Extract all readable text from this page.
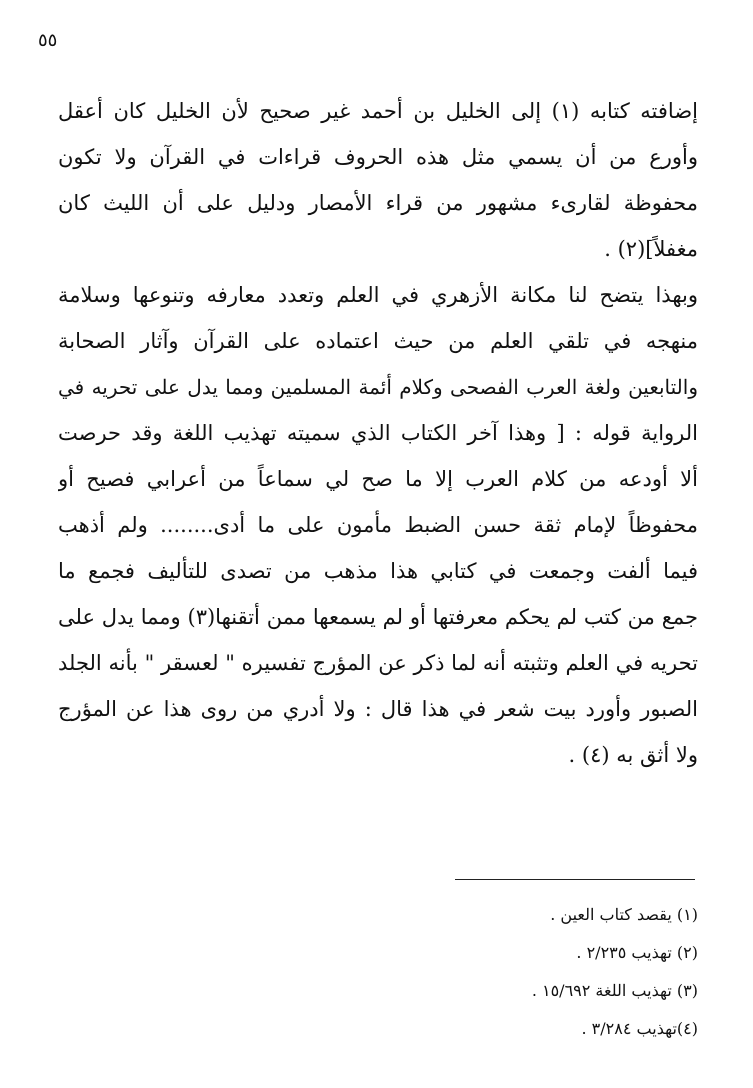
٥٥
إضافته كتابه (١) إلى الخليل بن أحمد غير صحيح لأن الخليل كان أعقل
وأورع من أن يسمي مثل هذه الحروف قراءات في القرآن ولا تكون
محفوظة لقارىء مشهور من قراء الأمصار ودليل على أن الليث كان
مغفلاً](٢) .
وبهذا يتضح لنا مكانة الأزهري في العلم وتعدد معارفه وتنوعها وسلامة
منهجه في تلقي العلم من حيث اعتماده على القرآن وآثار الصحابة
والتابعين ولغة العرب الفصحى وكلام أئمة المسلمين ومما يدل على تحريه في
الرواية قوله : [ وهذا آخر الكتاب الذي سميته تهذيب اللغة وقد حرصت
ألا أودعه من كلام العرب إلا ما صح لي سماعاً من أعرابي فصيح أو
محفوظاً لإمام ثقة حسن الضبط مأمون على ما أدى........ ولم أذهب
فيما ألفت وجمعت في كتابي هذا مذهب من تصدى للتأليف فجمع ما
جمع من كتب لم يحكم معرفتها أو لم يسمعها ممن أتقنها(٣) ومما يدل على
تحريه في العلم وتثبته أنه لما ذكر عن المؤرج تفسيره " لعسقر " بأنه الجلد
الصبور وأورد بيت شعر في هذا قال : ولا أدري من روى هذا عن المؤرج
ولا أثق به (٤) .
(١) يقصد كتاب العين .
(٢) تهذيب ٢/٢٣٥ .
(٣) تهذيب اللغة ١٥/٦٩٢ .
(٤)تهذيب ٣/٢٨٤ .
